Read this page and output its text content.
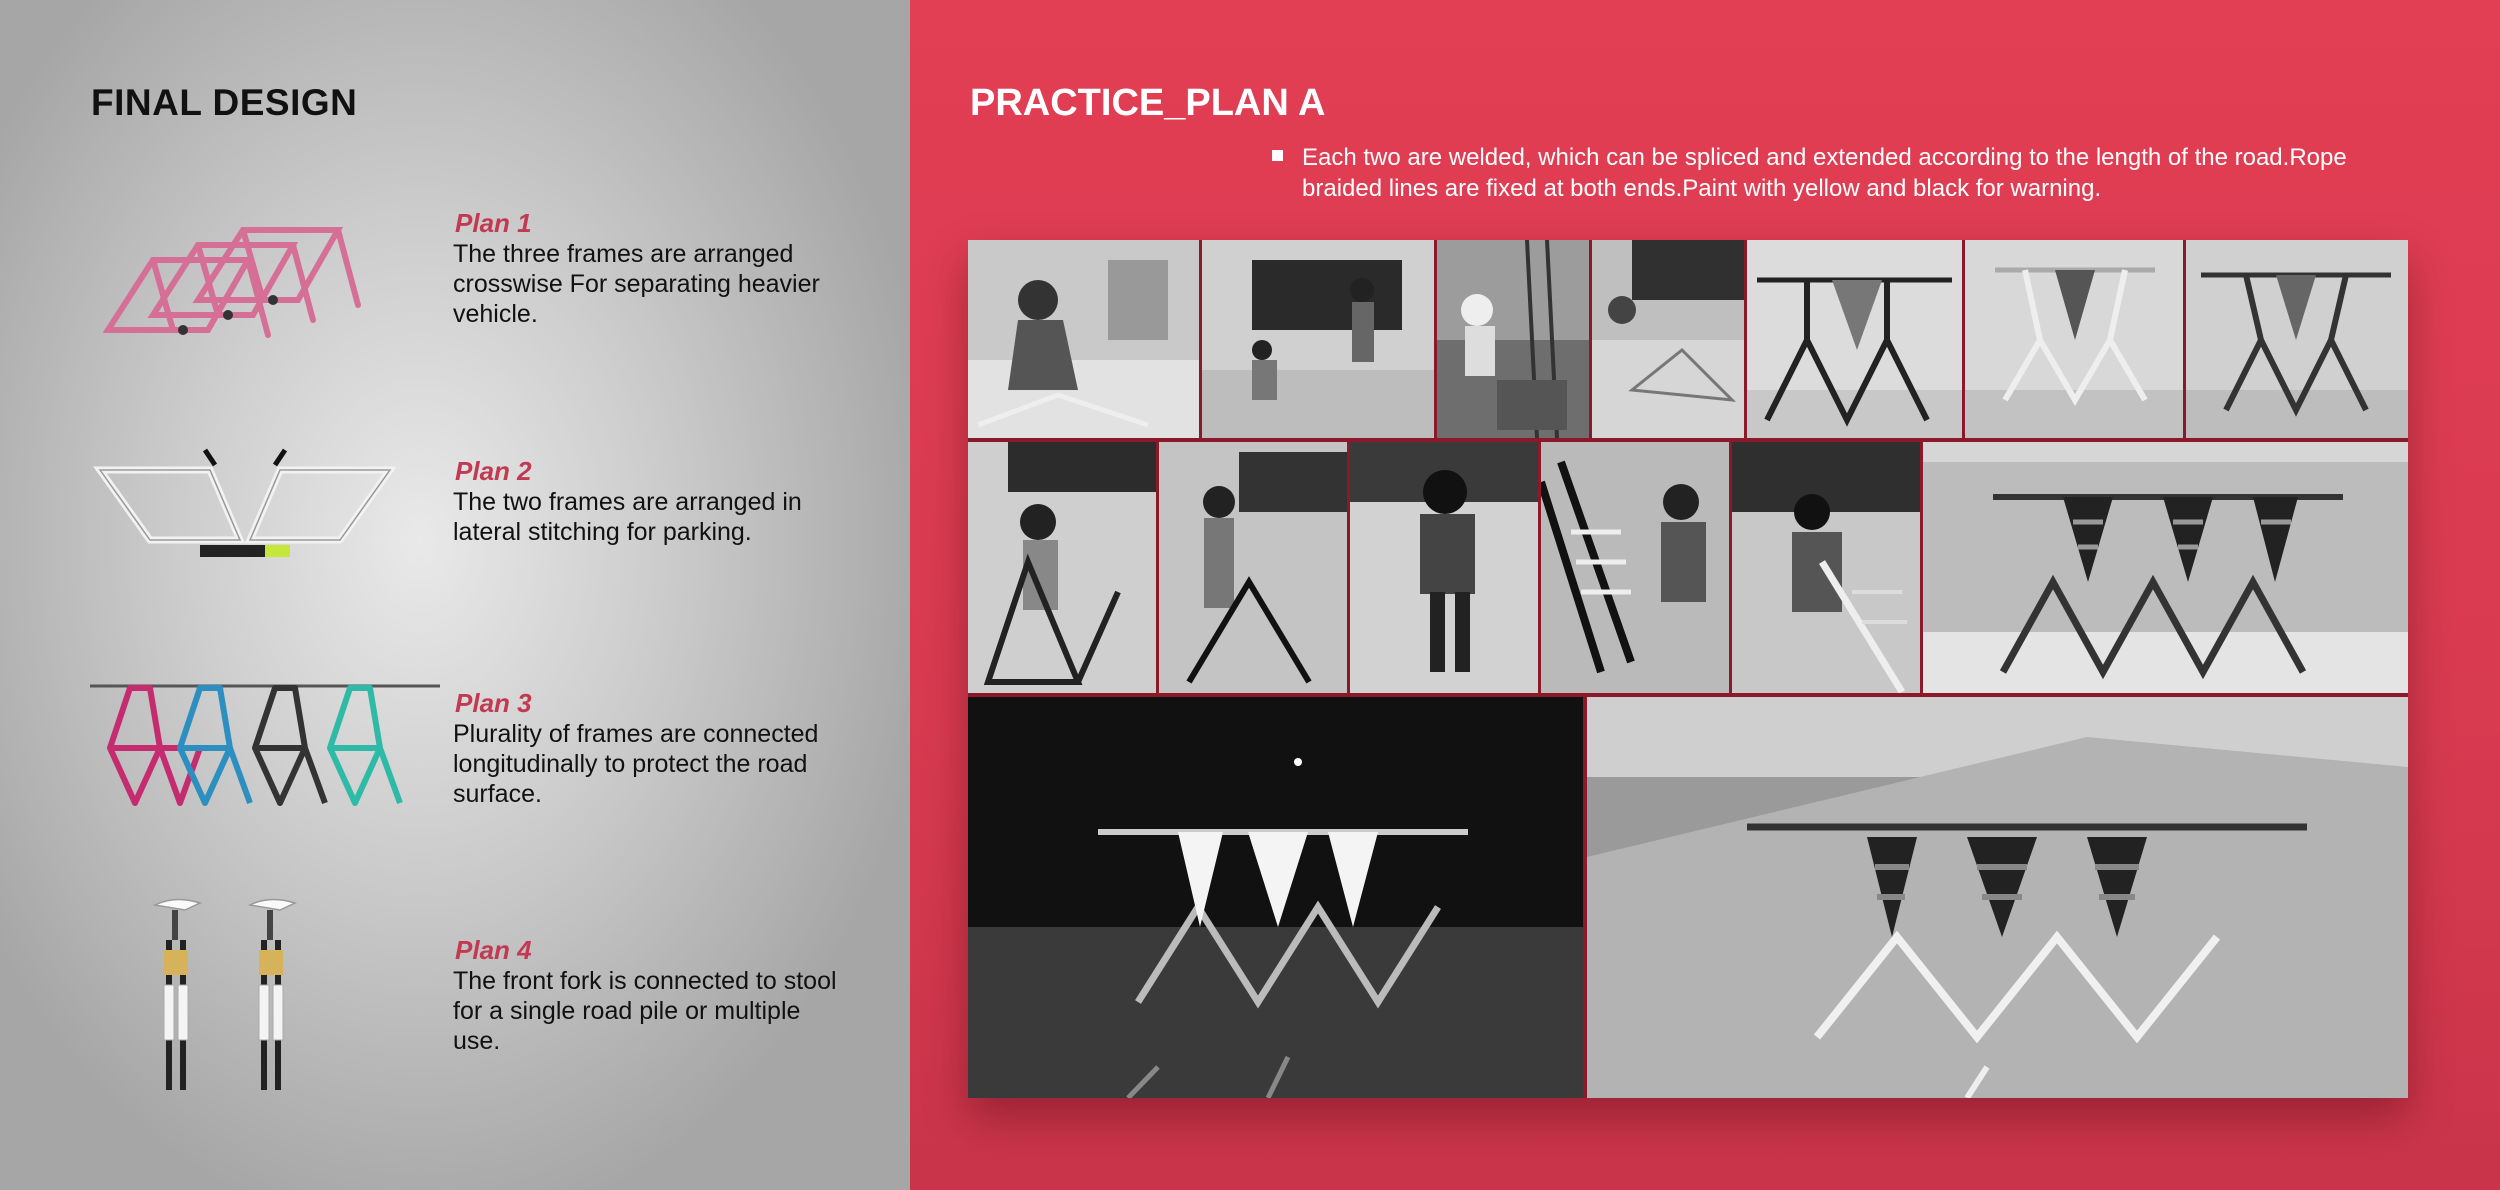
FINAL DESIGN

Plan 1

The three frames are arranged crosswise For separating heavier vehicle.

Plan 2

The two frames are arranged in lateral stitching for parking.

Plan 3

Plurality of frames are connected longitudinally to protect the road surface.

Plan 4

The front fork is connected to stool for a single road pile or multiple use.

PRACTICE_PLAN A

Each two are welded, which can be spliced and extended according to the length of the road.Rope braided lines are fixed at both ends.Paint with yellow and black for warning.
